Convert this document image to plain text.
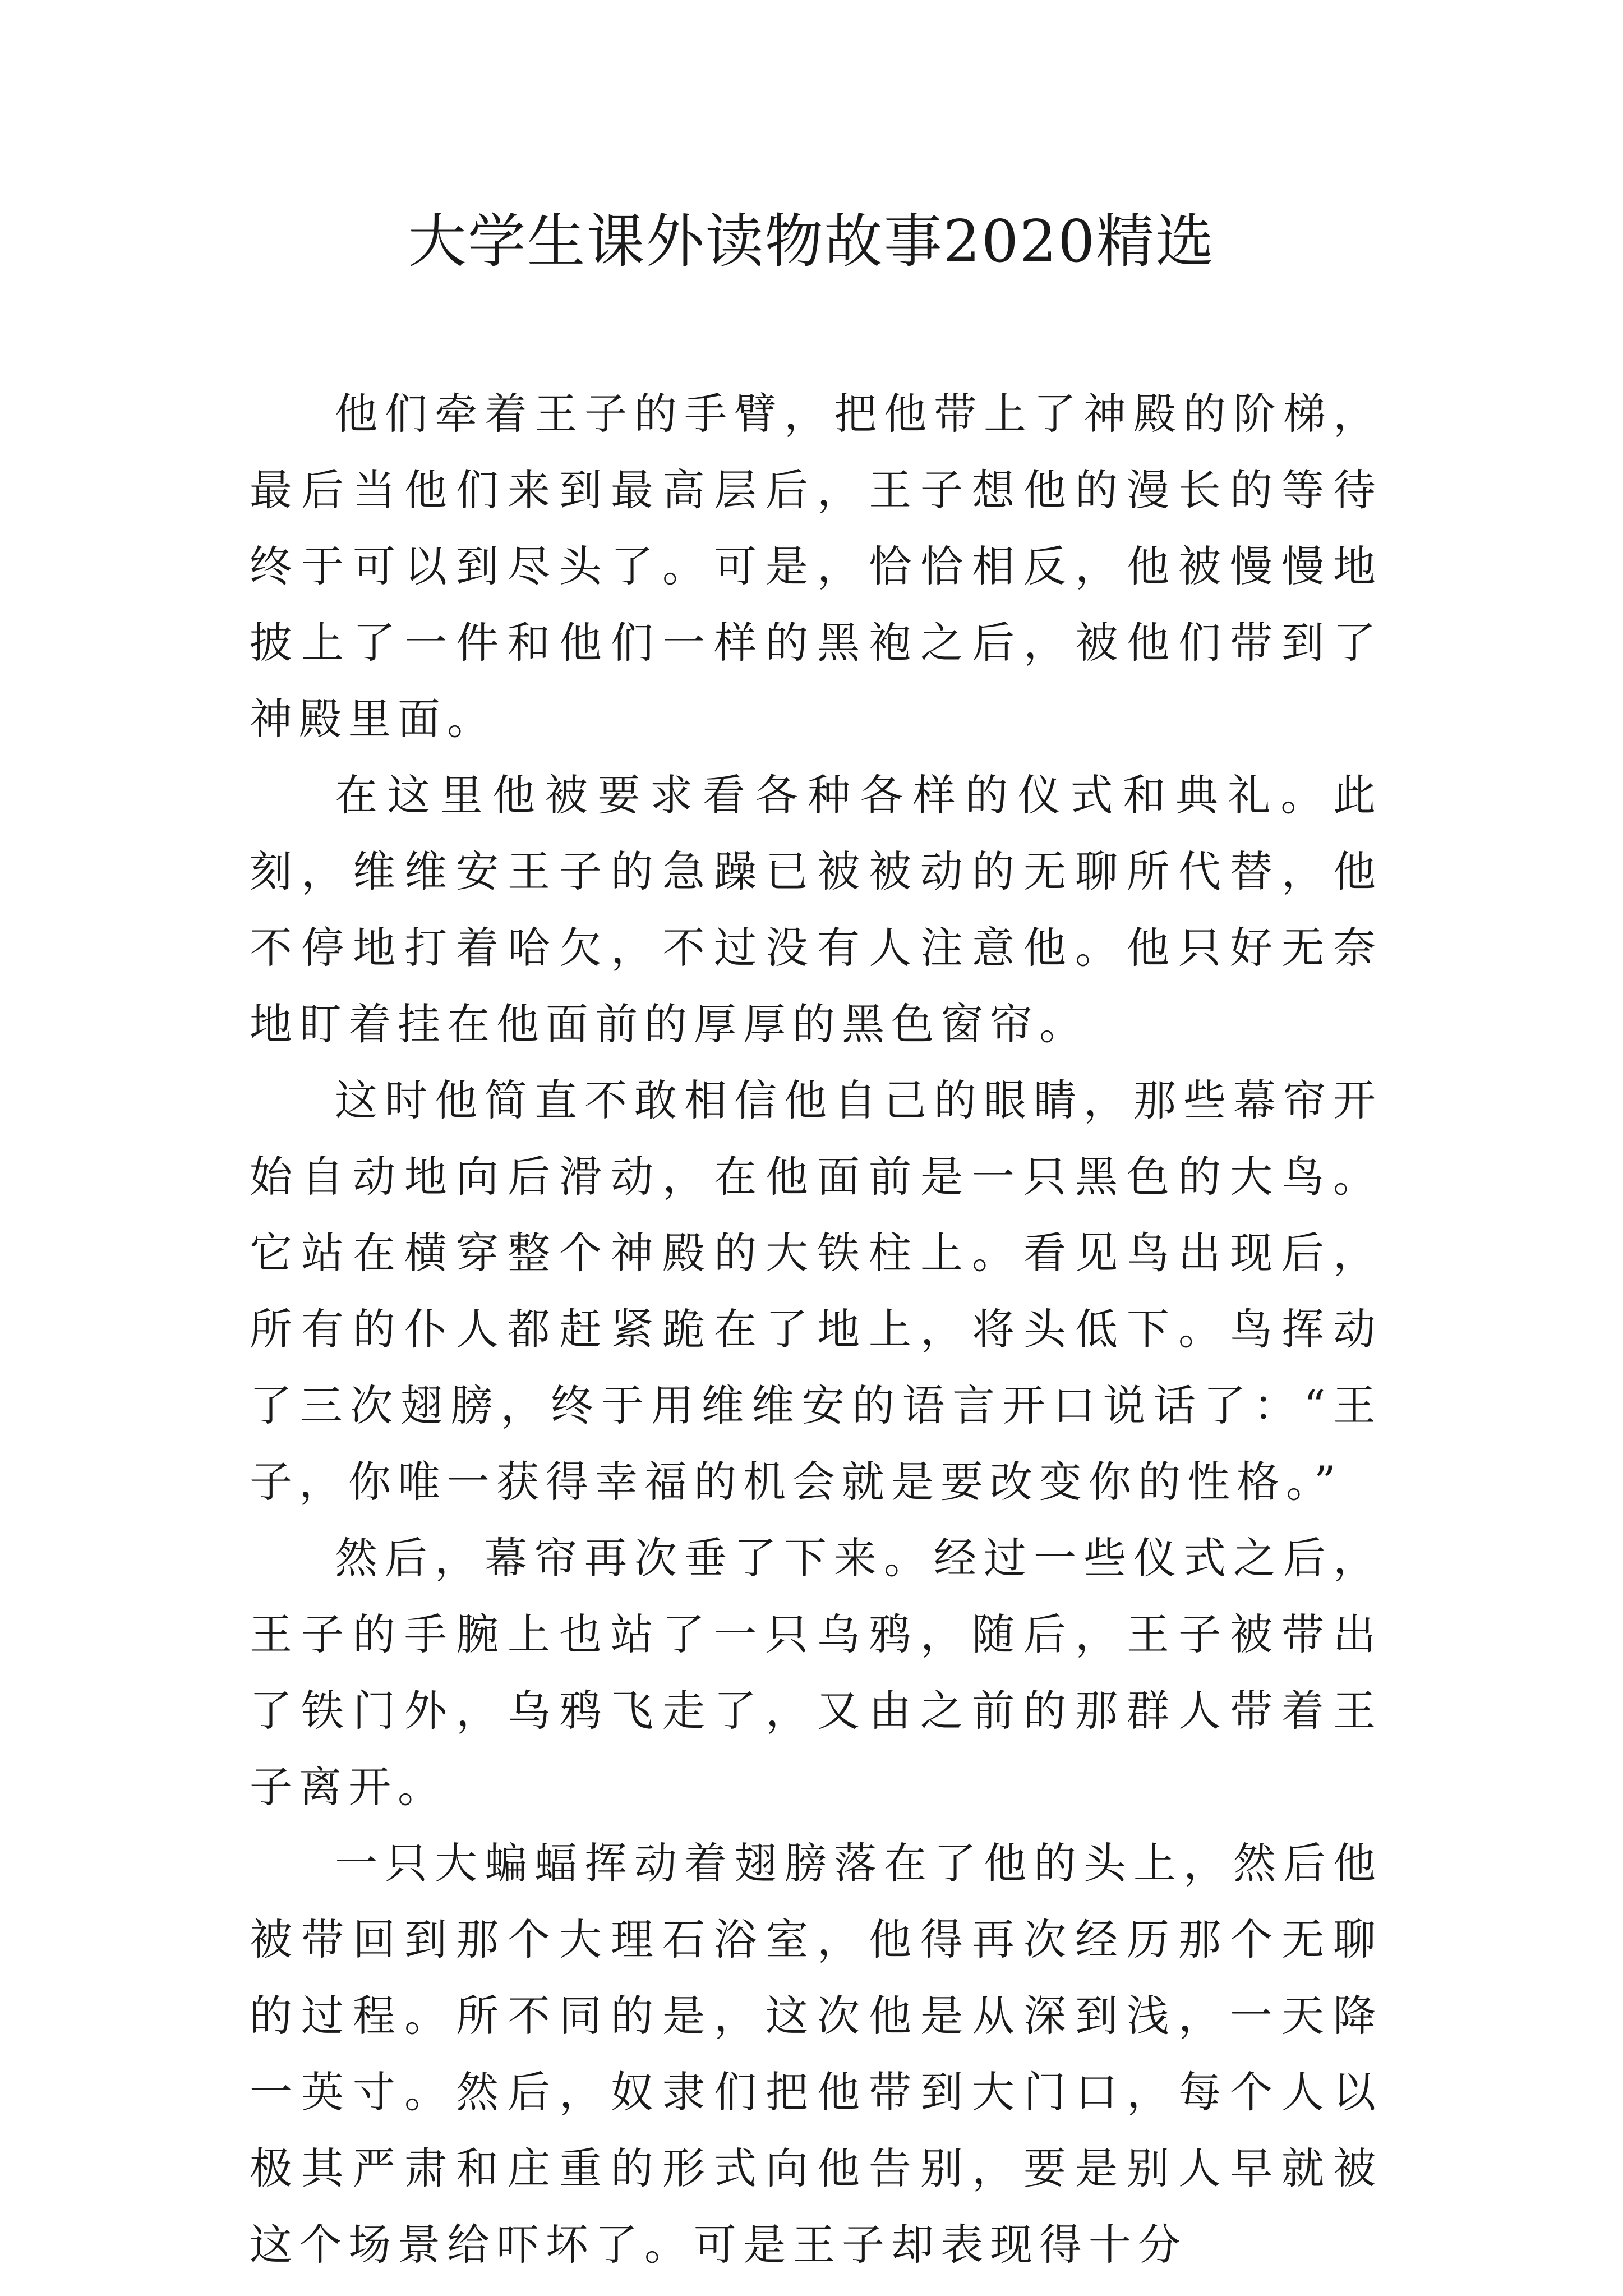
大学生课外读物故事2020精选

他们牵着王子的手臂，把他带上了神殿的阶梯，最后当他们来到最高层后，王子想他的漫长的等待终于可以到尽头了。可是，恰恰相反，他被慢慢地披上了一件和他们一样的黑袍之后，被他们带到了神殿里面。

在这里他被要求看各种各样的仪式和典礼。此刻，维维安王子的急躁已被被动的无聊所代替，他不停地打着哈欠，不过没有人注意他。他只好无奈地盯着挂在他面前的厚厚的黑色窗帘。

这时他简直不敢相信他自己的眼睛，那些幕帘开始自动地向后滑动，在他面前是一只黑色的大鸟。它站在横穿整个神殿的大铁柱上。看见鸟出现后，所有的仆人都赶紧跪在了地上，将头低下。鸟挥动了三次翅膀，终于用维维安的语言开口说话了：“王子，你唯一获得幸福的机会就是要改变你的性格。”

然后，幕帘再次垂了下来。经过一些仪式之后，王子的手腕上也站了一只乌鸦，随后，王子被带出了铁门外，乌鸦飞走了，又由之前的那群人带着王子离开。

一只大蝙蝠挥动着翅膀落在了他的头上，然后他被带回到那个大理石浴室，他得再次经历那个无聊的过程。所不同的是，这次他是从深到浅，一天降一英寸。然后，奴隶们把他带到大门口，每个人以极其严肃和庄重的形式向他告别，要是别人早就被这个场景给吓坏了。可是王子却表现得十分
